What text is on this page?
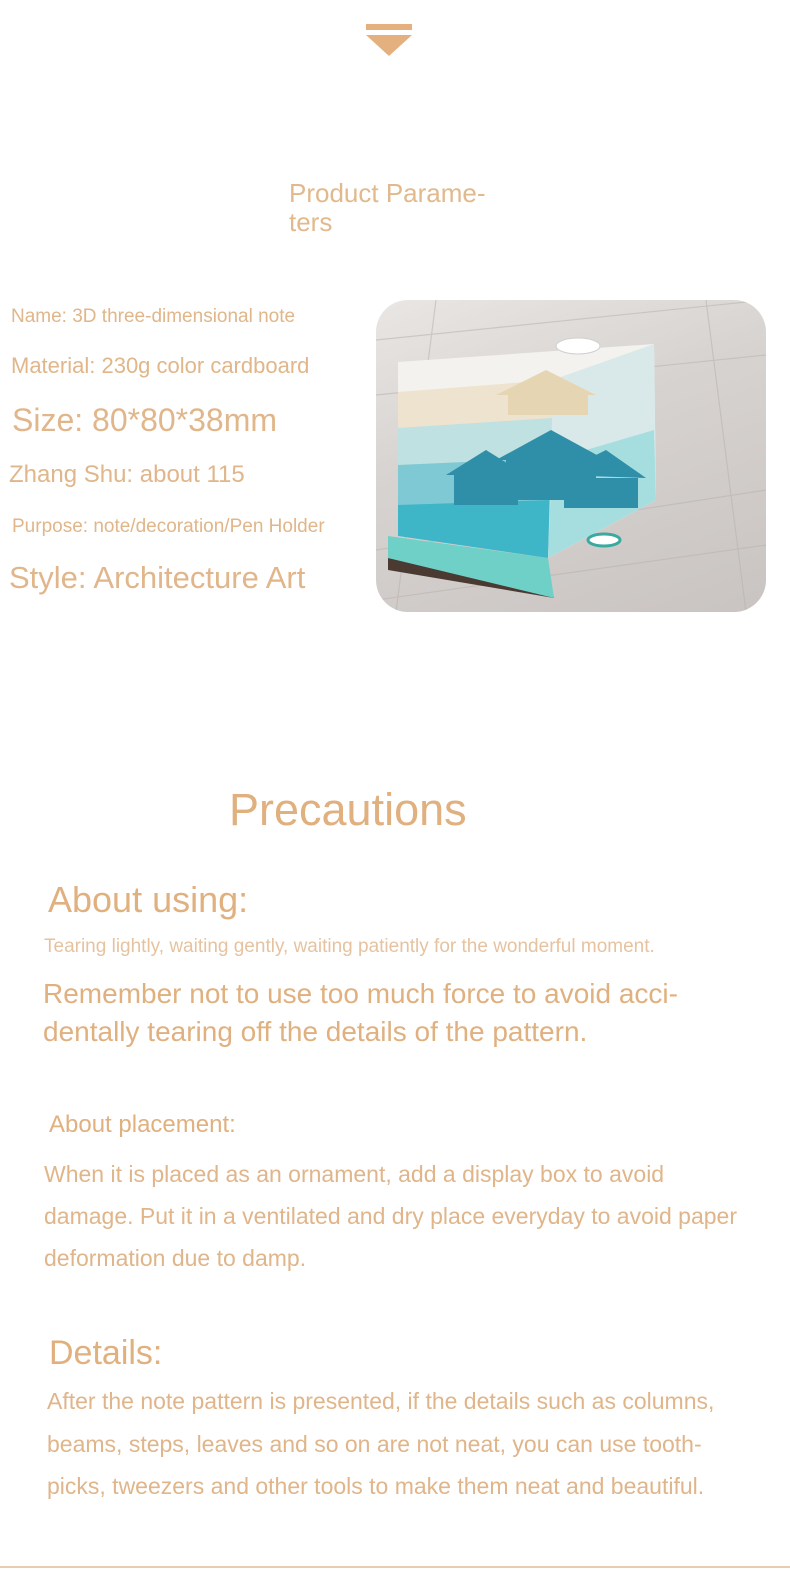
Product Parame-
ters
Name: 3D three-dimensional note
Material: 230g color cardboard
Size: 80*80*38mm
Zhang Shu: about 115
Purpose: note/decoration/Pen Holder
Style: Architecture Art
Precautions
About using:
Tearing lightly, waiting gently, waiting patiently for the wonderful moment.
Remember not to use too much force to avoid acci-dentally tearing off the details of the pattern.
About placement:
When it is placed as an ornament, add a display box to avoid damage. Put it in a ventilated and dry place everyday to avoid paper deformation due to damp.
Details:
After the note pattern is presented, if the details such as columns, beams, steps, leaves and so on are not neat, you can use tooth-picks, tweezers and other tools to make them neat and beautiful.
